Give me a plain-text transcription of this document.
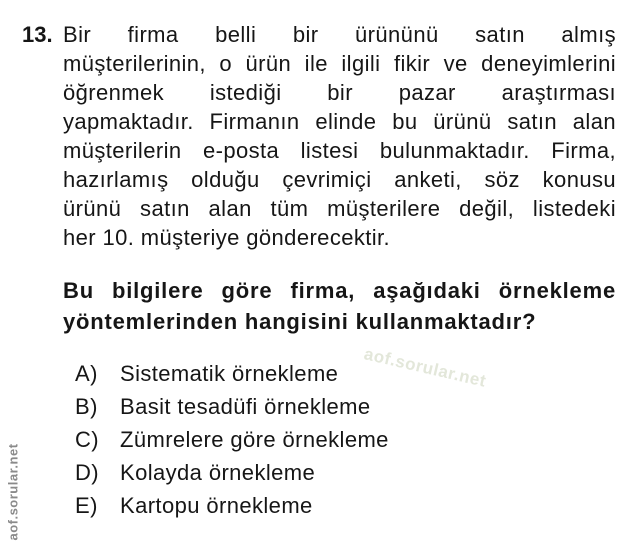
aof.sorular.net
aof.sorular.net
13. Bir firma belli bir ürününü satın almış
müşterilerinin, o ürün ile ilgili fikir ve deneyimlerini
öğrenmek istediği bir pazar araştırması
yapmaktadır. Firmanın elinde bu ürünü satın alan
müşterilerin e-posta listesi bulunmaktadır. Firma,
hazırlamış olduğu çevrimiçi anketi, söz konusu
ürünü satın alan tüm müşterilere değil, listedeki
her 10. müşteriye gönderecektir.
Bu bilgilere göre firma, aşağıdaki örnekleme
yöntemlerinden hangisini kullanmaktadır?
A)	Sistematik örnekleme
B)	Basit tesadüfi örnekleme
C) Zümrelere göre örnekleme
D) Kolayda örnekleme
E)	Kartopu örnekleme
